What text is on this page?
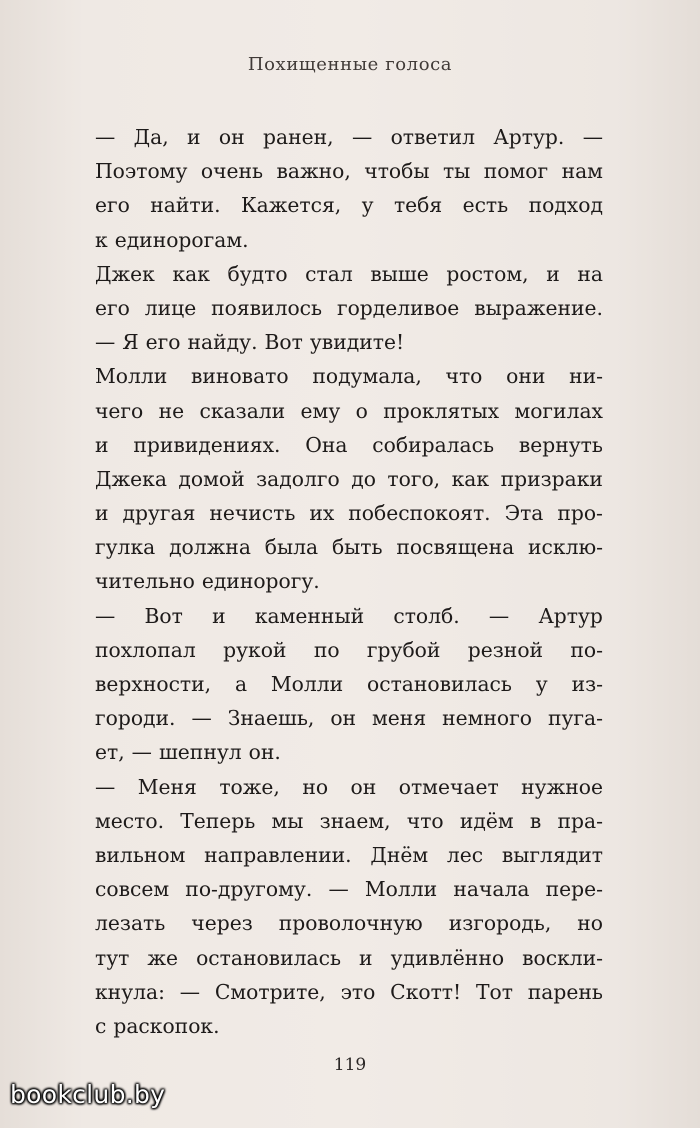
Похищенные голоса
— Да, и он ранен, — ответил Артур. —
Поэтому очень важно, чтобы ты помог нам
его найти. Кажется, у тебя есть подход
к единорогам.
Джек как будто стал выше ростом, и на
его лице появилось горделивое выражение.
— Я его найду. Вот увидите!
Молли виновато подумала, что они ни-
чего не сказали ему о проклятых могилах
и привидениях. Она собиралась вернуть
Джека домой задолго до того, как призраки
и другая нечисть их побеспокоят. Эта про-
гулка должна была быть посвящена исклю-
чительно единорогу.
— Вот и каменный столб. — Артур
похлопал рукой по грубой резной по-
верхности, а Молли остановилась у из-
городи. — Знаешь, он меня немного пуга-
ет, — шепнул он.
— Меня тоже, но он отмечает нужное
место. Теперь мы знаем, что идём в пра-
вильном направлении. Днём лес выглядит
совсем по-другому. — Молли начала пере-
лезать через проволочную изгородь, но
тут же остановилась и удивлённо воскли-
кнула: — Смотрите, это Скотт! Тот парень
с раскопок.
119
bookclub.by
